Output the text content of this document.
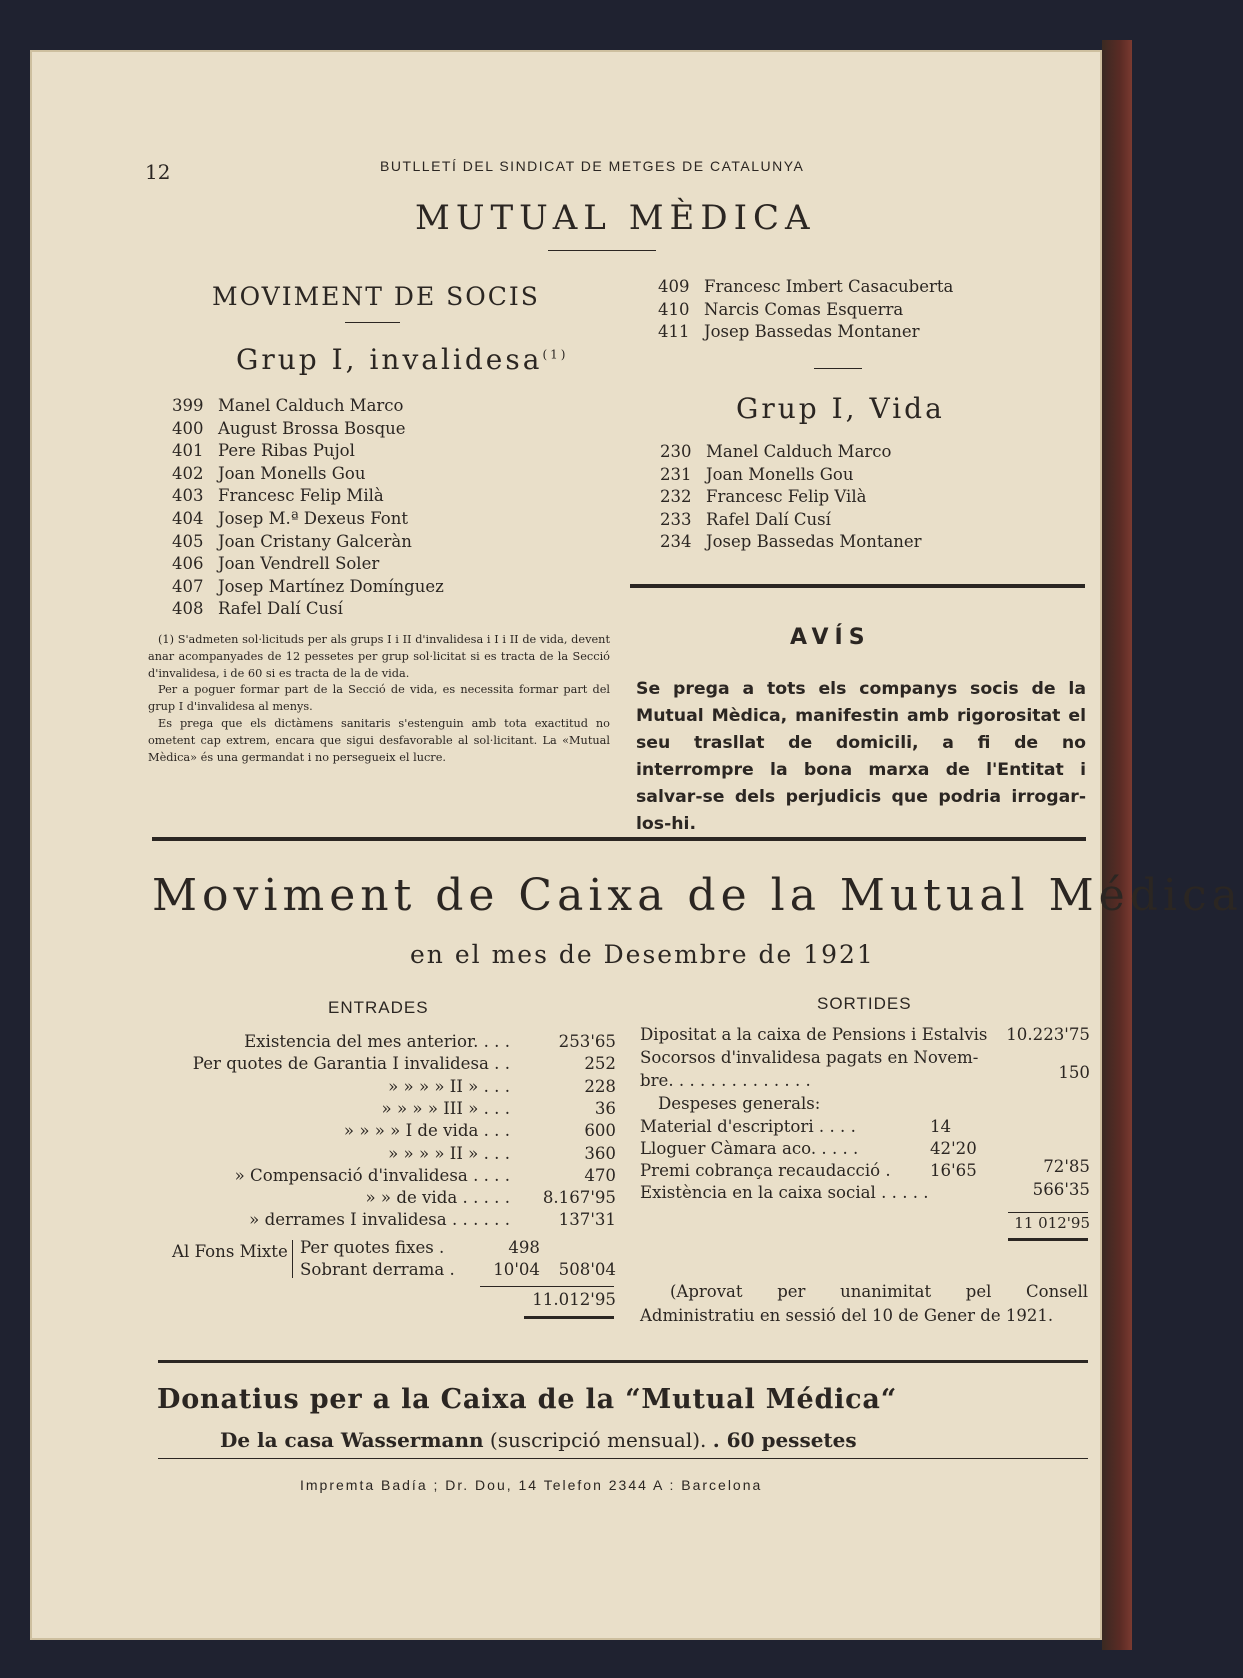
12	BUTLLETÍ DEL SINDICAT DE METGES DE CATALUNYA
MUTUAL MÈDICA
MOVIMENT DE SOCIS
Grup I, invalidesa$^{(1)}$
399 Manel Calduch Marco
400 August Brossa Bosque
401 Pere Ribas Pujol
402 Joan Monells Gou
403 Francesc Felip Milà
404 Josep M.ª Dexeus Font
405 Joan Cristany Galceràn
406 Joan Vendrell Soler
407 Josep Martínez Domínguez
408 Rafel Dalí Cusí

(1) S'admeten sol·licituds per als grups I i II d'invalidesa i I i II de vida, devent anar acompanyades de 12 pessetes per grup sol·licitat si es tracta de la Secció d'invalidesa, i de 60 si es tracta de la de vida.

Per a poguer formar part de la Secció de vida, es necessita formar part del grup I d'invalidesa al menys.

Es prega que els dictàmens sanitaris s'estenguin amb tota exactitud no ometent cap extrem, encara que sigui desfavorable al sol·licitant. La «Mutual Mèdica» és una germandat i no persegueix el lucre.

409 Francesc Imbert Casacuberta
410 Narcis Comas Esquerra
411 Josep Bassedas Montaner
Grup I, Vida
230 Manel Calduch Marco
231 Joan Monells Gou
232 Francesc Felip Vilà
233 Rafel Dalí Cusí
234 Josep Bassedas Montaner
AVÍS
Se prega a tots els companys socis de la Mutual Mèdica, manifestin amb rigorositat el seu trasllat de domicili, a fi de no interrompre la bona marxa de l'Entitat i salvar-se dels perjudicis que podria irrogar-los-hi.
Moviment de Caixa de la Mutual Médica
en el mes de Desembre de 1921
ENTRADES	SORTIDES
Existencia del mes anterior. . . .	253'65
Per quotes de Garantia I invalidesa . .	252
» » » » II » . . .	228
» » » » III » . . .	36
» » » » I de vida . . .	600
» » » » II » . . .	360
» Compensació d'invalidesa . . . .	470
» » de vida . . . . .	8.167'95
» derrames I invalidesa . . . . . .	137'31
Al Fons Mixte Per quotes fixes .	498
Sobrant derrama .	10'04	508'04
11.012'95
Dipositat a la caixa de Pensions i Estalvis	10.223'75
Socorsos d'invalidesa pagats en Novem-
bre. . . . . . . . . . . . . .	150
Despeses generals:
Material d'escriptori . . . .	14
Lloguer Càmara aco. . . . .	42'20
Premi cobrança recaudacció . 16'65	72'85
Existència en la caixa social . . . . .	566'35
11 012'95
(Aprovat per unanimitat pel Consell Administratiu en sessió del 10 de Gener de 1921.
Donatius per a la Caixa de la “Mutual Médica“
De la casa Wassermann (suscripció mensual). . 60 pessetes
Impremta Badía ; Dr. Dou, 14 Telefon 2344 A : Barcelona
